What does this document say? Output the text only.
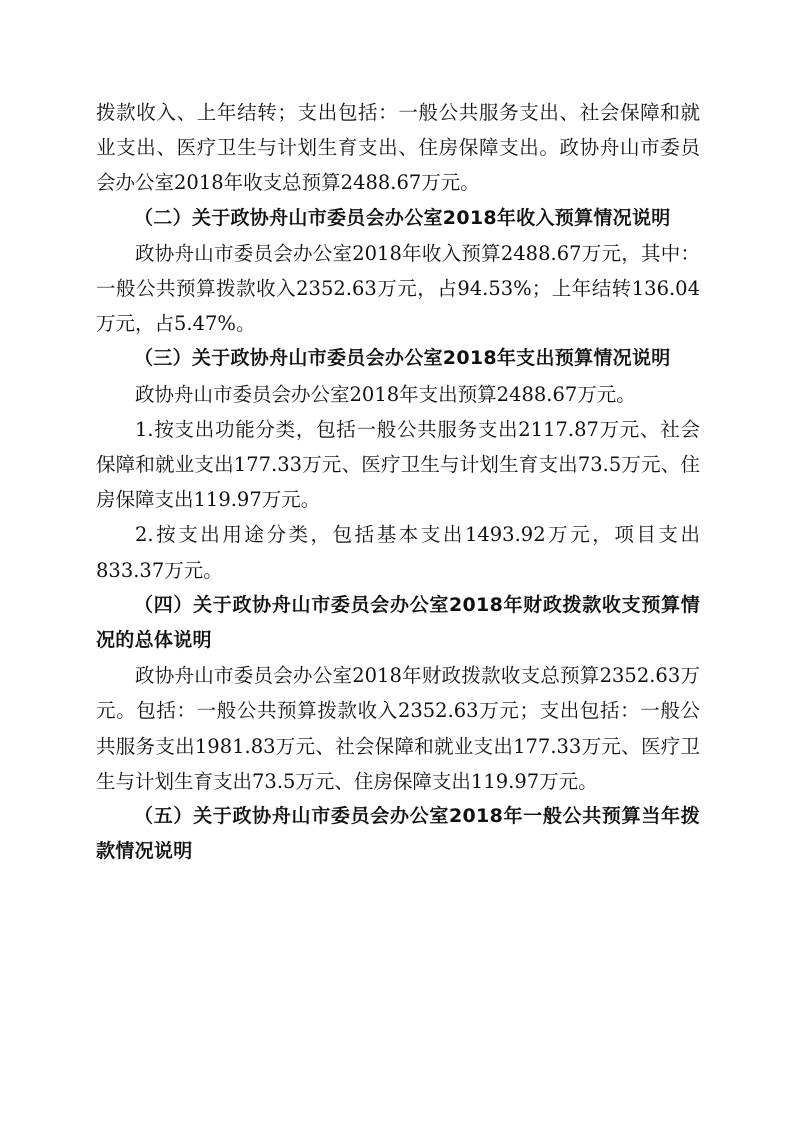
拨款收入、上年结转；支出包括：一般公共服务支出、社会保障和就业支出、医疗卫生与计划生育支出、住房保障支出。政协舟山市委员会办公室2018年收支总预算2488.67万元。

（二）关于政协舟山市委员会办公室2018年收入预算情况说明

政协舟山市委员会办公室2018年收入预算2488.67万元，其中：一般公共预算拨款收入2352.63万元，占94.53%；上年结转136.04万元，占5.47%。

（三）关于政协舟山市委员会办公室2018年支出预算情况说明

政协舟山市委员会办公室2018年支出预算2488.67万元。

1.按支出功能分类，包括一般公共服务支出2117.87万元、社会保障和就业支出177.33万元、医疗卫生与计划生育支出73.5万元、住房保障支出119.97万元。

2.按支出用途分类，包括基本支出1493.92万元，项目支出833.37万元。

（四）关于政协舟山市委员会办公室2018年财政拨款收支预算情况的总体说明

政协舟山市委员会办公室2018年财政拨款收支总预算2352.63万元。包括：一般公共预算拨款收入2352.63万元；支出包括：一般公共服务支出1981.83万元、社会保障和就业支出177.33万元、医疗卫生与计划生育支出73.5万元、住房保障支出119.97万元。

（五）关于政协舟山市委员会办公室2018年一般公共预算当年拨款情况说明
